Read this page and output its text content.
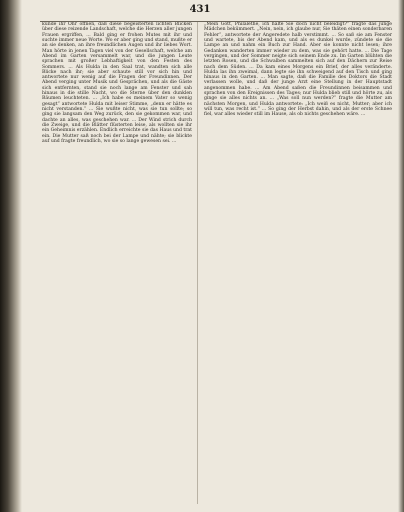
431
kunde ihr Ohr öffnen, daß diese begeisterten lichten Blicken über diese reizende Landschaft, welche die Herzen aller jungen Frauen ergriffen, ... Bald ging er frohen Mutes mit ihr und suchte immer neue Worte. Wo er aber ging und stand, mußte er an sie denken, an ihre freundlichen Augen und ihr liebes Wort. Man hörte in jenen Tagen viel von der Gesellschaft, welche am Abend im Garten versammelt war, und die jungen Leute sprachen mit großer Lebhaftigkeit von den Festen des Sommers. ... Als Hulda in den Saal trat, wandten sich alle Blicke nach ihr; sie aber schaute still vor sich hin und antwortete nur wenig auf die Fragen der Freundinnen. Der Abend verging unter Musik und Gesprächen, und als die Gäste sich entfernten, stand sie noch lange am Fenster und sah hinaus in die stille Nacht, wo die Sterne über den dunklen Bäumen leuchteten. ... „Ich habe es meinem Vater so wenig gesagt“ antwortete Hulda mit leiser Stimme, „denn er hätte es nicht verstanden.“ ... Sie wußte nicht, was sie tun sollte; so ging sie langsam den Weg zurück, den sie gekommen war, und dachte an alles, was geschehen war. ... Der Wind strich durch die Zweige, und die Blätter flüsterten leise, als wollten sie ihr ein Geheimnis erzählen. Endlich erreichte sie das Haus und trat ein. Die Mutter saß noch bei der Lampe und nähte; sie blickte auf und fragte freundlich, wo sie so lange gewesen sei. ...
„Mein Gott, Philalethe, ich halte Sie doch nicht beleidigt?“ fragte das junge Mädchen bekümmert. „Nein, nein, ich glaube nur, Sie thäten einen sonderbaren Fehler“, antwortete der Angeredete halb verstimmt. ... So saß sie am Fenster und wartete, bis der Abend kam, und als es dunkel wurde, zündete sie die Lampe an und nahm ein Buch zur Hand. Aber sie konnte nicht lesen; ihre Gedanken wanderten immer wieder zu dem, was sie gehört hatte. ... Die Tage vergingen, und der Sommer neigte sich seinem Ende zu. Im Garten blühten die letzten Rosen, und die Schwalben sammelten sich auf den Dächern zur Reise nach dem Süden. ... Da kam eines Morgens ein Brief, der alles veränderte. Hulda las ihn zweimal, dann legte sie ihn schweigend auf den Tisch und ging hinaus in den Garten. ... Man sagte, daß die Familie des Doktors die Stadt verlassen wolle, und daß der junge Arzt eine Stellung in der Hauptstadt angenommen habe. ... Am Abend saßen die Freundinnen beisammen und sprachen von den Ereignissen des Tages; nur Hulda blieb still und hörte zu, als ginge sie alles nichts an. ... „Was soll nun werden?“ fragte die Mutter am nächsten Morgen, und Hulda antwortete: „Ich weiß es nicht, Mutter; aber ich will tun, was recht ist.“ ... So ging der Herbst dahin, und als der erste Schnee fiel, war alles wieder still im Hause, als ob nichts geschehen wäre. ...
